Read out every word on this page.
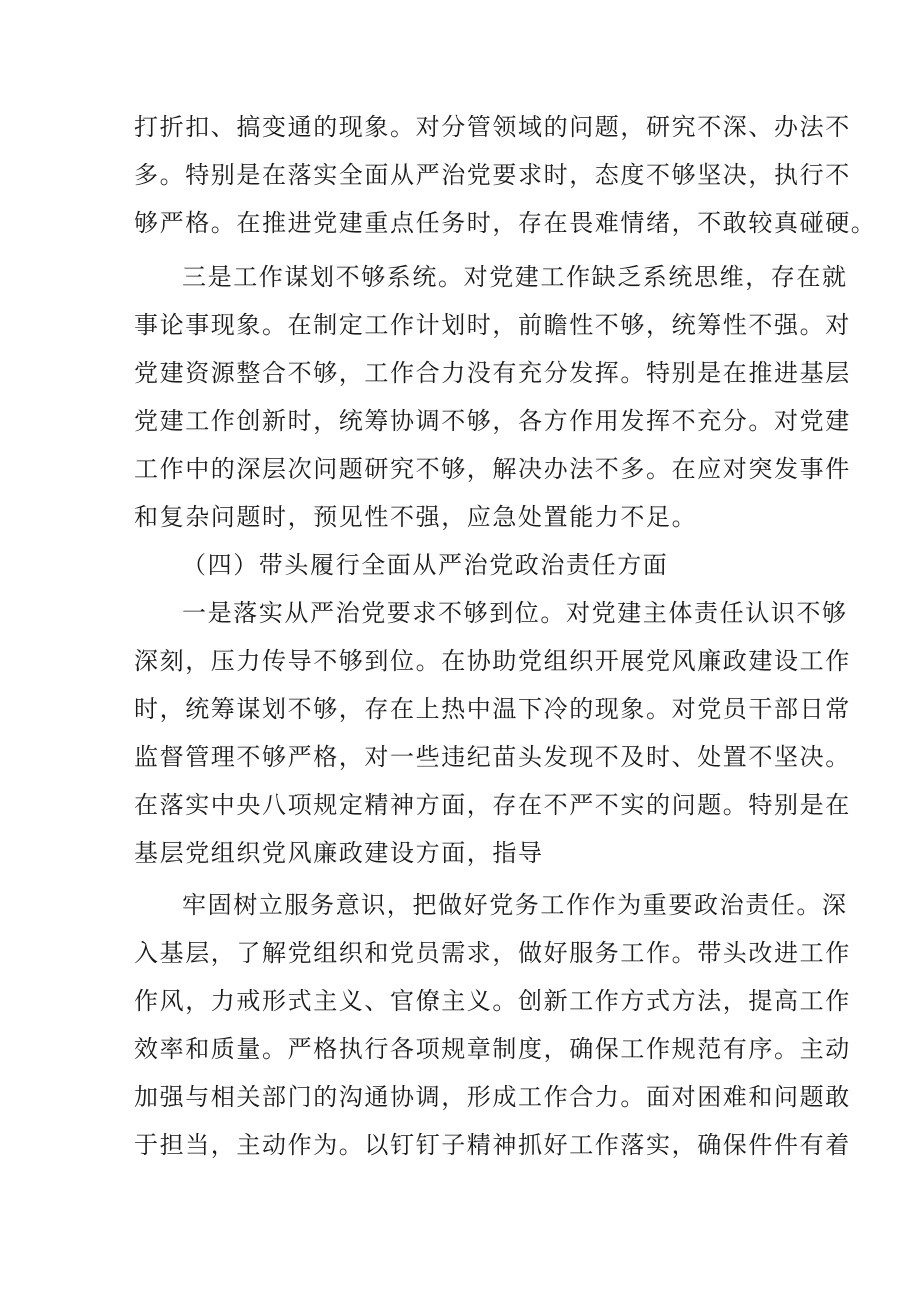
打折扣、搞变通的现象。对分管领域的问题，研究不深、办法不
多。特别是在落实全面从严治党要求时，态度不够坚决，执行不
够严格。在推进党建重点任务时，存在畏难情绪，不敢较真碰硬。
三是工作谋划不够系统。对党建工作缺乏系统思维，存在就
事论事现象。在制定工作计划时，前瞻性不够，统筹性不强。对
党建资源整合不够，工作合力没有充分发挥。特别是在推进基层
党建工作创新时，统筹协调不够，各方作用发挥不充分。对党建
工作中的深层次问题研究不够，解决办法不多。在应对突发事件
和复杂问题时，预见性不强，应急处置能力不足。
（四）带头履行全面从严治党政治责任方面
一是落实从严治党要求不够到位。对党建主体责任认识不够
深刻，压力传导不够到位。在协助党组织开展党风廉政建设工作
时，统筹谋划不够，存在上热中温下冷的现象。对党员干部日常
监督管理不够严格，对一些违纪苗头发现不及时、处置不坚决。
在落实中央八项规定精神方面，存在不严不实的问题。特别是在
基层党组织党风廉政建设方面，指导
牢固树立服务意识，把做好党务工作作为重要政治责任。深
入基层，了解党组织和党员需求，做好服务工作。带头改进工作
作风，力戒形式主义、官僚主义。创新工作方式方法，提高工作
效率和质量。严格执行各项规章制度，确保工作规范有序。主动
加强与相关部门的沟通协调，形成工作合力。面对困难和问题敢
于担当，主动作为。以钉钉子精神抓好工作落实，确保件件有着
